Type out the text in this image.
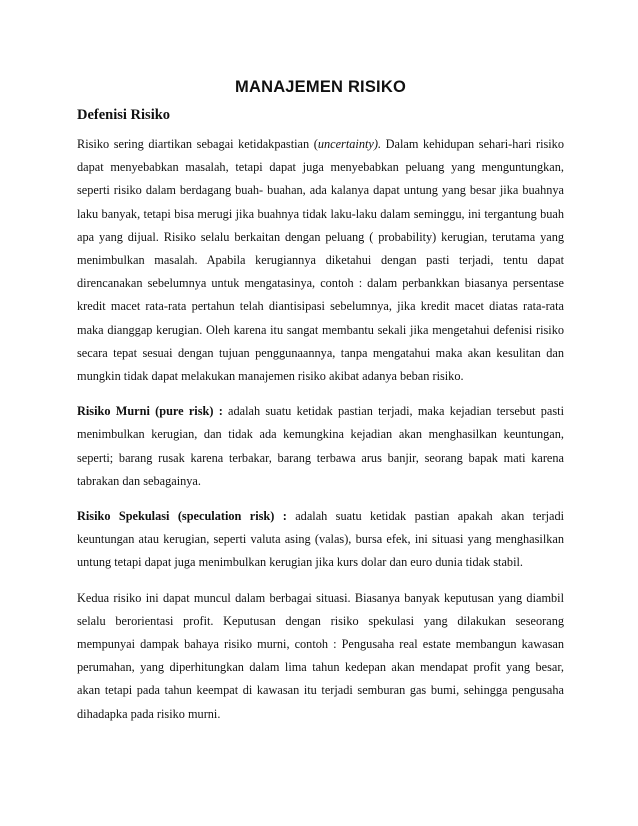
MANAJEMEN RISIKO
Defenisi Risiko

Risiko sering diartikan sebagai ketidakpastian (uncertainty). Dalam kehidupan sehari-hari risiko dapat menyebabkan masalah, tetapi dapat juga menyebabkan peluang yang menguntungkan, seperti risiko dalam berdagang buah- buahan, ada kalanya dapat untung yang besar jika buahnya laku banyak, tetapi bisa merugi jika buahnya tidak laku-laku dalam seminggu, ini tergantung buah apa yang dijual. Risiko selalu berkaitan dengan peluang ( probability) kerugian, terutama yang menimbulkan masalah. Apabila kerugiannya diketahui dengan pasti terjadi, tentu dapat direncanakan sebelumnya untuk mengatasinya, contoh : dalam perbankkan biasanya persentase kredit macet rata-rata pertahun telah diantisipasi sebelumnya, jika kredit macet diatas rata-rata maka dianggap kerugian. Oleh karena itu sangat membantu sekali jika mengetahui defenisi risiko secara tepat sesuai dengan tujuan penggunaannya, tanpa mengatahui maka akan kesulitan dan mungkin tidak dapat melakukan manajemen risiko akibat adanya beban risiko.

Risiko Murni (pure risk) : adalah suatu ketidak pastian terjadi, maka kejadian tersebut pasti menimbulkan kerugian, dan tidak ada kemungkina kejadian akan menghasilkan keuntungan, seperti; barang rusak karena terbakar, barang terbawa arus banjir, seorang bapak mati karena tabrakan dan sebagainya.

Risiko Spekulasi (speculation risk) : adalah suatu ketidak pastian apakah akan terjadi keuntungan atau kerugian, seperti valuta asing (valas), bursa efek, ini situasi yang menghasilkan untung tetapi dapat juga menimbulkan kerugian jika kurs dolar dan euro dunia tidak stabil.

Kedua risiko ini dapat muncul dalam berbagai situasi. Biasanya banyak keputusan yang diambil selalu berorientasi profit. Keputusan dengan risiko spekulasi yang dilakukan seseorang mempunyai dampak bahaya risiko murni, contoh : Pengusaha real estate membangun kawasan perumahan, yang diperhitungkan dalam lima tahun kedepan akan mendapat profit yang besar, akan tetapi pada tahun keempat di kawasan itu terjadi semburan gas bumi, sehingga pengusaha dihadapka pada risiko murni.
